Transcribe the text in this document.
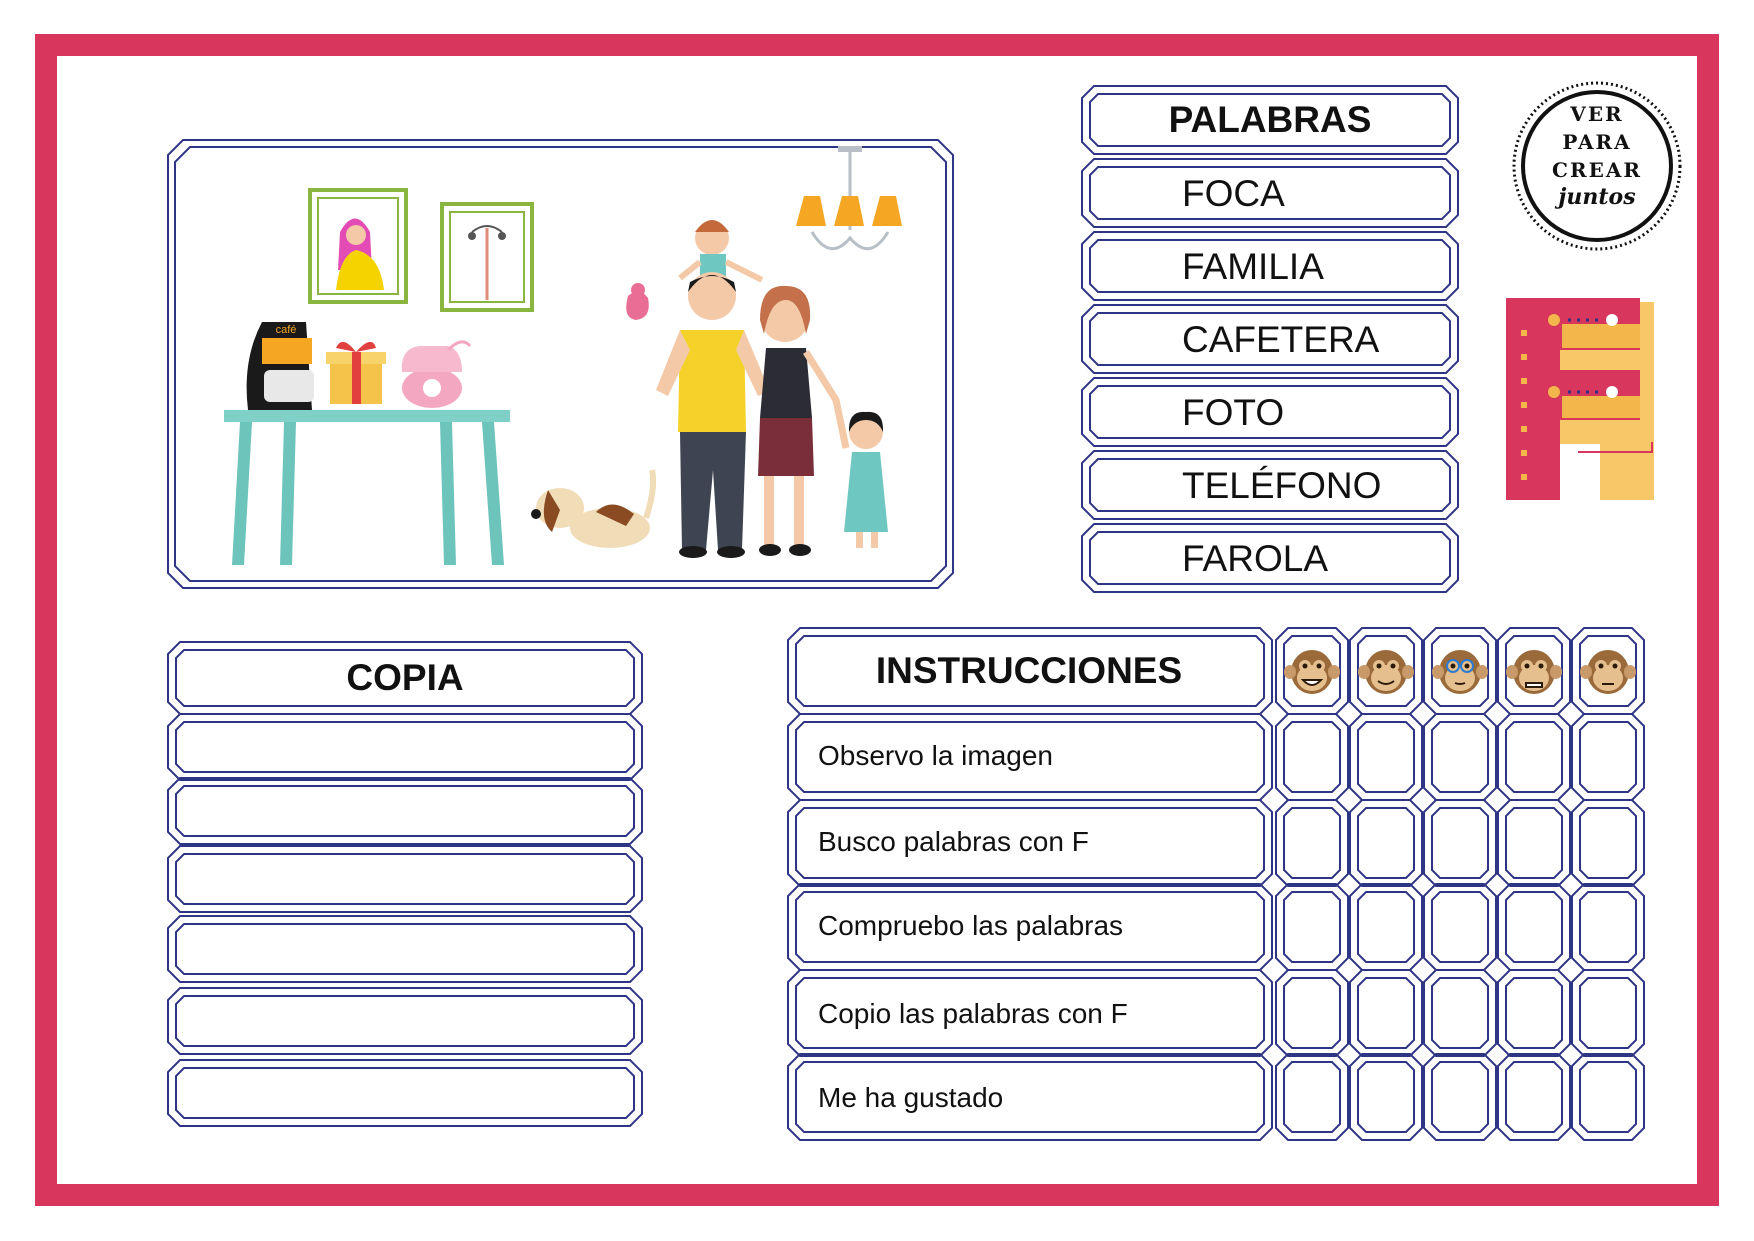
VER
PARA
CREAR
juntos
café
PALABRAS
FOCA
FAMILIA
CAFETERA
FOTO
TELÉFONO
FAROLA
COPIA	INSTRUCCIONES
Observo la imagen
Busco palabras con F
Compruebo las palabras
Copio las palabras con F
Me ha gustado
